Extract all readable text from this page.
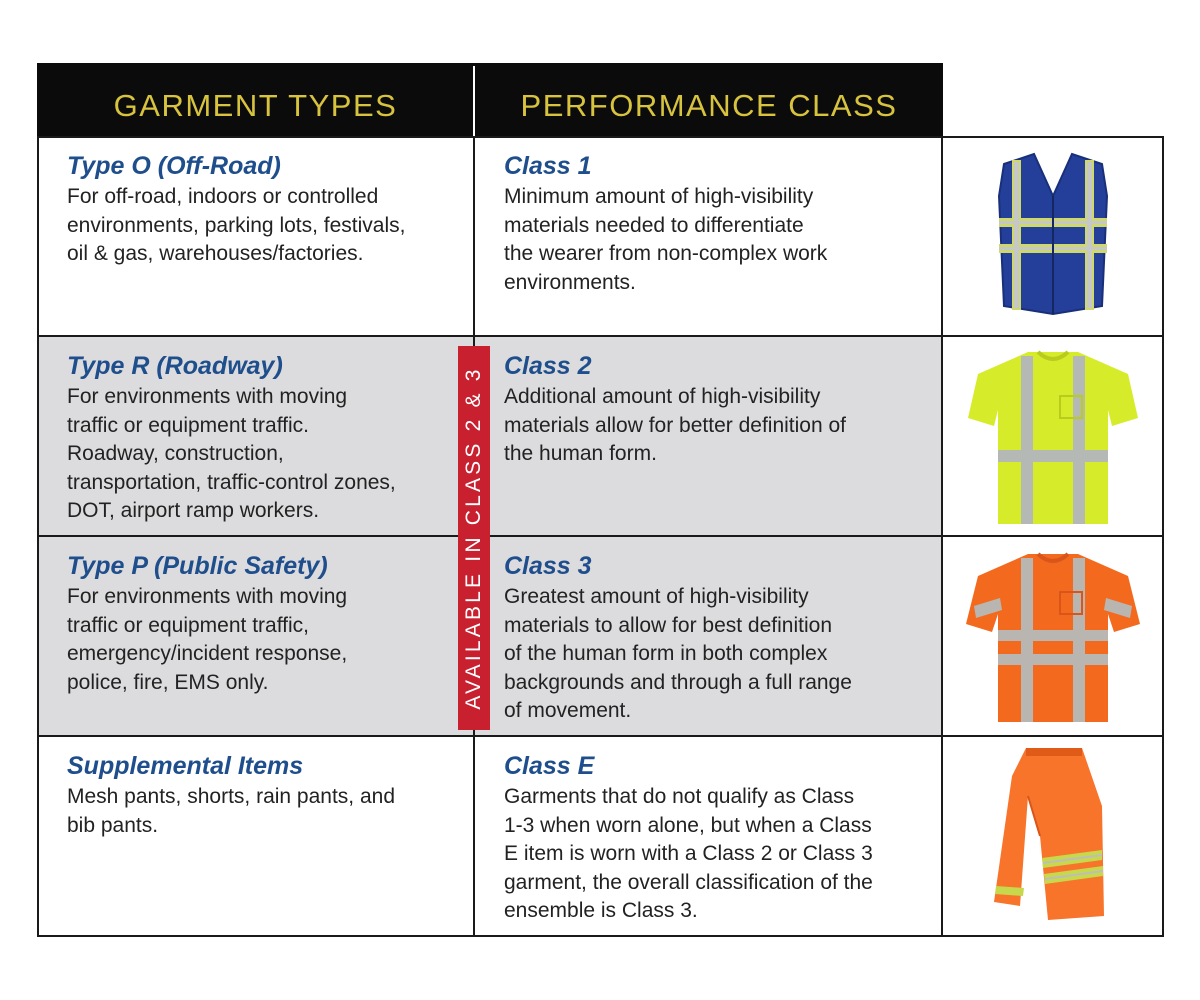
GARMENT TYPES	PERFORMANCE CLASS
Type O (Off-Road)
For off-road, indoors or controlled
environments, parking lots, festivals,
oil & gas, warehouses/factories.
Class 1
Minimum amount of high-visibility
materials needed to differentiate
the wearer from non-complex work
environments.
Type R (Roadway)
For environments with moving
traffic or equipment traffic.
Roadway, construction,
transportation, traffic-control zones,
DOT, airport ramp workers.
Class 2
Additional amount of high-visibility
materials allow for better definition of
the human form.
Type P (Public Safety)
For environments with moving
traffic or equipment traffic,
emergency/incident response,
police, fire, EMS only.
Class 3
Greatest amount of high-visibility
materials to allow for best definition
of the human form in both complex
backgrounds and through a full range
of movement.
Supplemental Items
Mesh pants, shorts, rain pants, and
bib pants.
Class E
Garments that do not qualify as Class
1-3 when worn alone, but when a Class
E item is worn with a Class 2 or Class 3
garment, the overall classification of the
ensemble is Class 3.
AVAILABLE IN CLASS 2 & 3
